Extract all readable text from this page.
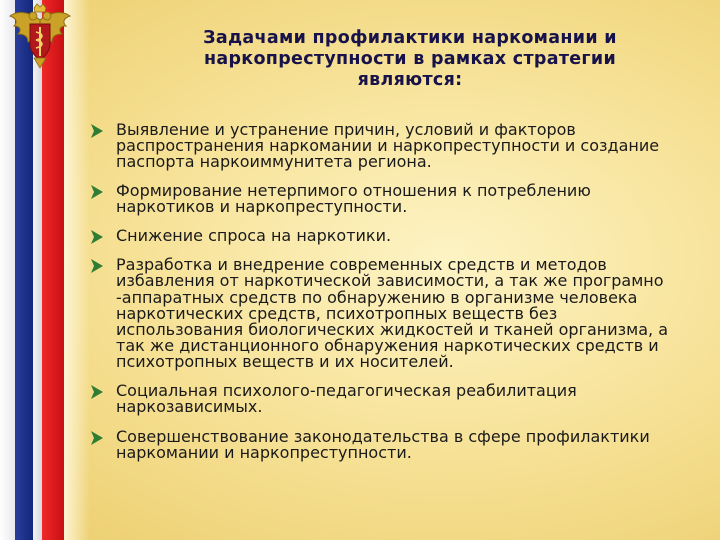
Задачами профилактики наркомании и
наркопреступности в рамках стратегии
являются:
Выявление и устранение причин, условий и факторов
распространения наркомании и наркопреступности и создание
паспорта наркоиммунитета региона.
Формирование нетерпимого отношения к потреблению
наркотиков и наркопреступности.
Снижение спроса на наркотики.
Разработка и внедрение современных средств и методов
избавления от наркотической зависимости, а так же програмно
-аппаратных средств по обнаружению в организме человека
наркотических средств, психотропных веществ без
использования биологических жидкостей и тканей организма, а
так же дистанционного обнаружения наркотических средств и
психотропных веществ и их носителей.
Социальная психолого-педагогическая реабилитация
наркозависимых.
Совершенствование законодательства в сфере профилактики
наркомании и наркопреступности.
